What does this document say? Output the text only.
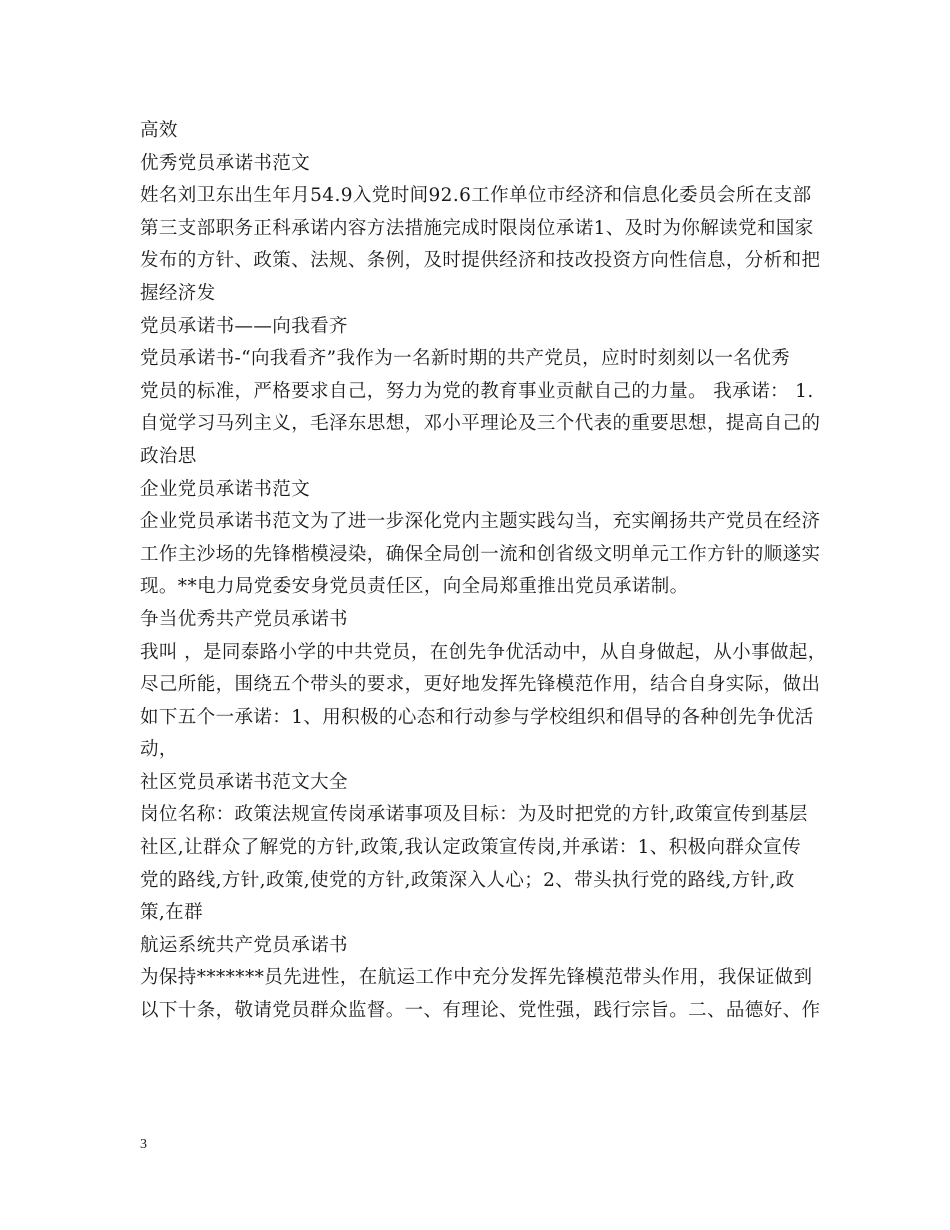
高效
优秀党员承诺书范文
姓名刘卫东出生年月54.9入党时间92.6工作单位市经济和信息化委员会所在支部
第三支部职务正科承诺内容方法措施完成时限岗位承诺1、及时为你解读党和国家
发布的方针、政策、法规、条例，及时提供经济和技改投资方向性信息，分析和把
握经济发
党员承诺书——向我看齐
党员承诺书-“向我看齐”我作为一名新时期的共产党员，应时时刻刻以一名优秀
党员的标准，严格要求自己，努力为党的教育事业贡献自己的力量。 我承诺： 1.
自觉学习马列主义，毛泽东思想，邓小平理论及三个代表的重要思想，提高自己的
政治思
企业党员承诺书范文
企业党员承诺书范文为了进一步深化党内主题实践勾当，充实阐扬共产党员在经济
工作主沙场的先锋楷模浸染，确保全局创一流和创省级文明单元工作方针的顺遂实
现。**电力局党委安身党员责任区，向全局郑重推出党员承诺制。
争当优秀共产党员承诺书
我叫 ，是同泰路小学的中共党员，在创先争优活动中，从自身做起，从小事做起，
尽己所能，围绕五个带头的要求，更好地发挥先锋模范作用，结合自身实际，做出
如下五个一承诺：1、用积极的心态和行动参与学校组织和倡导的各种创先争优活
动，
社区党员承诺书范文大全
岗位名称：政策法规宣传岗承诺事项及目标：为及时把党的方针,政策宣传到基层
社区,让群众了解党的方针,政策,我认定政策宣传岗,并承诺：1、积极向群众宣传
党的路线,方针,政策,使党的方针,政策深入人心；2、带头执行党的路线,方针,政
策,在群
航运系统共产党员承诺书
为保持*******员先进性，在航运工作中充分发挥先锋模范带头作用，我保证做到
以下十条，敬请党员群众监督。一、有理论、党性强，践行宗旨。二、品德好、作
3
